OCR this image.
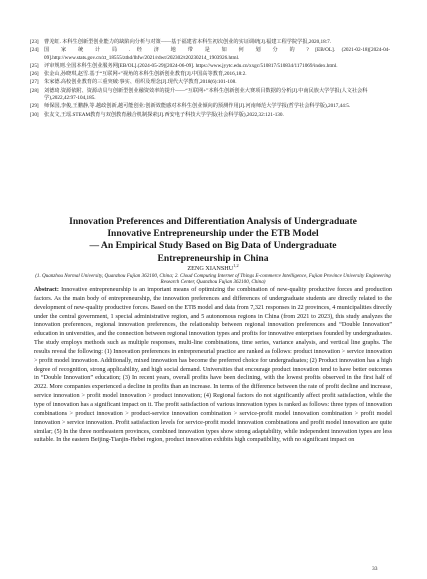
[23] 曹羌虹. 本科生创新型创业能力的缺陷向分析与对策——基于福建省本科生初次创业的实证调研[J].福建工程学院学报,2020,18:7.
[24] 国 家 统 计 局 . 经 济 地 带 是 如 何 划 分 的 ? [EB/OL]. (2021-02-18)[2024-04-09].http://www.stats.gov.cn/zt_18555/zthd/lhfw/2021/rdwt/202302/t20230214_1903926.html.
[25] 评审规则.全国本科生创业服务网[EB/OL].(2024-05-29)[2024-06-09]. https://www.jyytc.edu.cn/xxgc/510817/510834/1171069/index.html.
[26] 张金山,孙晓琪,赵雪.基于“互联网+”视角的本科生创新创业教育[J].中国高等教育,2016,18:2.
[27] 朱家德.高校创业教育的三重突破:事实、组织及理念[J].现代大学教育,2018(6):101-108.
[28] 刘德琦.资源依附、资源动员与创新型创业融资效率的提升——“互联网+”本科生创新创业大赛项目数据的分析[J].中南民族大学学报(人文社会科学),2022,42:97-104,185.
[29] 师保国,李俊,王鹏静,等.越政创新,越可能创业:创新效能感对本科生创业倾向的预测作用[J].河南师范大学学报(哲学社会科学版),2017,44:5.
[30] 张友文,王瑶.STEAM教育与双创教育融合机制探索[J].西安电子科技大学学报(社会科学版),2022,32:121-130.
Innovation Preferences and Differentiation Analysis of Undergraduate
Innovative Entrepreneurship under the ETB Model
— An Empirical Study Based on Big Data of Undergraduate
Entrepreneurship in China
ZENG XIANSHU$^{1,2}$
(1. Quanzhou Normal University, Quanzhou Fujian 362100, China; 2. Cloud Computing Internet of Things E-commerce Intelligence, Fujian Province University Engineering Research Center, Quanzhou Fujian 362100, China)
Abstract: Innovative entrepreneurship is an important means of optimizing the combination of new-quality productive forces and production factors. As the main body of entrepreneurship, the innovation preferences and differences of undergraduate students are directly related to the development of new-quality productive forces. Based on the ETB model and data from 7,321 responses in 22 provinces, 4 municipalities directly under the central government, 1 special administrative region, and 5 autonomous regions in China (from 2021 to 2023), this study analyzes the innovation preferences, regional innovation preferences, the relationship between regional innovation preferences and “Double Innovation” education in universities, and the connection between regional innovation types and profits for innovative enterprises founded by undergraduates. The study employs methods such as multiple responses, multi-line combinations, time series, variance analysis, and vertical line graphs. The results reveal the following: (1) Innovation preferences in entrepreneurial practice are ranked as follows: product innovation > service innovation > profit model innovation. Additionally, mixed innovation has become the preferred choice for undergraduates; (2) Product innovation has a high degree of recognition, strong applicability, and high social demand. Universities that encourage product innovation tend to have better outcomes in “Double Innovation” education; (3) In recent years, overall profits have been declining, with the lowest profits observed in the first half of 2022. More companies experienced a decline in profits than an increase. In terms of the difference between the rate of profit decline and increase, service innovation > profit model innovation > product innovation; (4) Regional factors do not significantly affect profit satisfaction, while the type of innovation has a significant impact on it. The profit satisfaction of various innovation types is ranked as follows: three types of innovation combinations > product innovation > product-service innovation combination > service-profit model innovation combination > profit model innovation > service innovation. Profit satisfaction levels for service-profit model innovation combinations and profit model innovation are quite similar; (5) In the three northeastern provinces, combined innovation types show strong adaptability, while independent innovation types are less suitable. In the eastern Beijing-Tianjin-Hebei region, product innovation exhibits high compatibility, with no significant impact on
33
